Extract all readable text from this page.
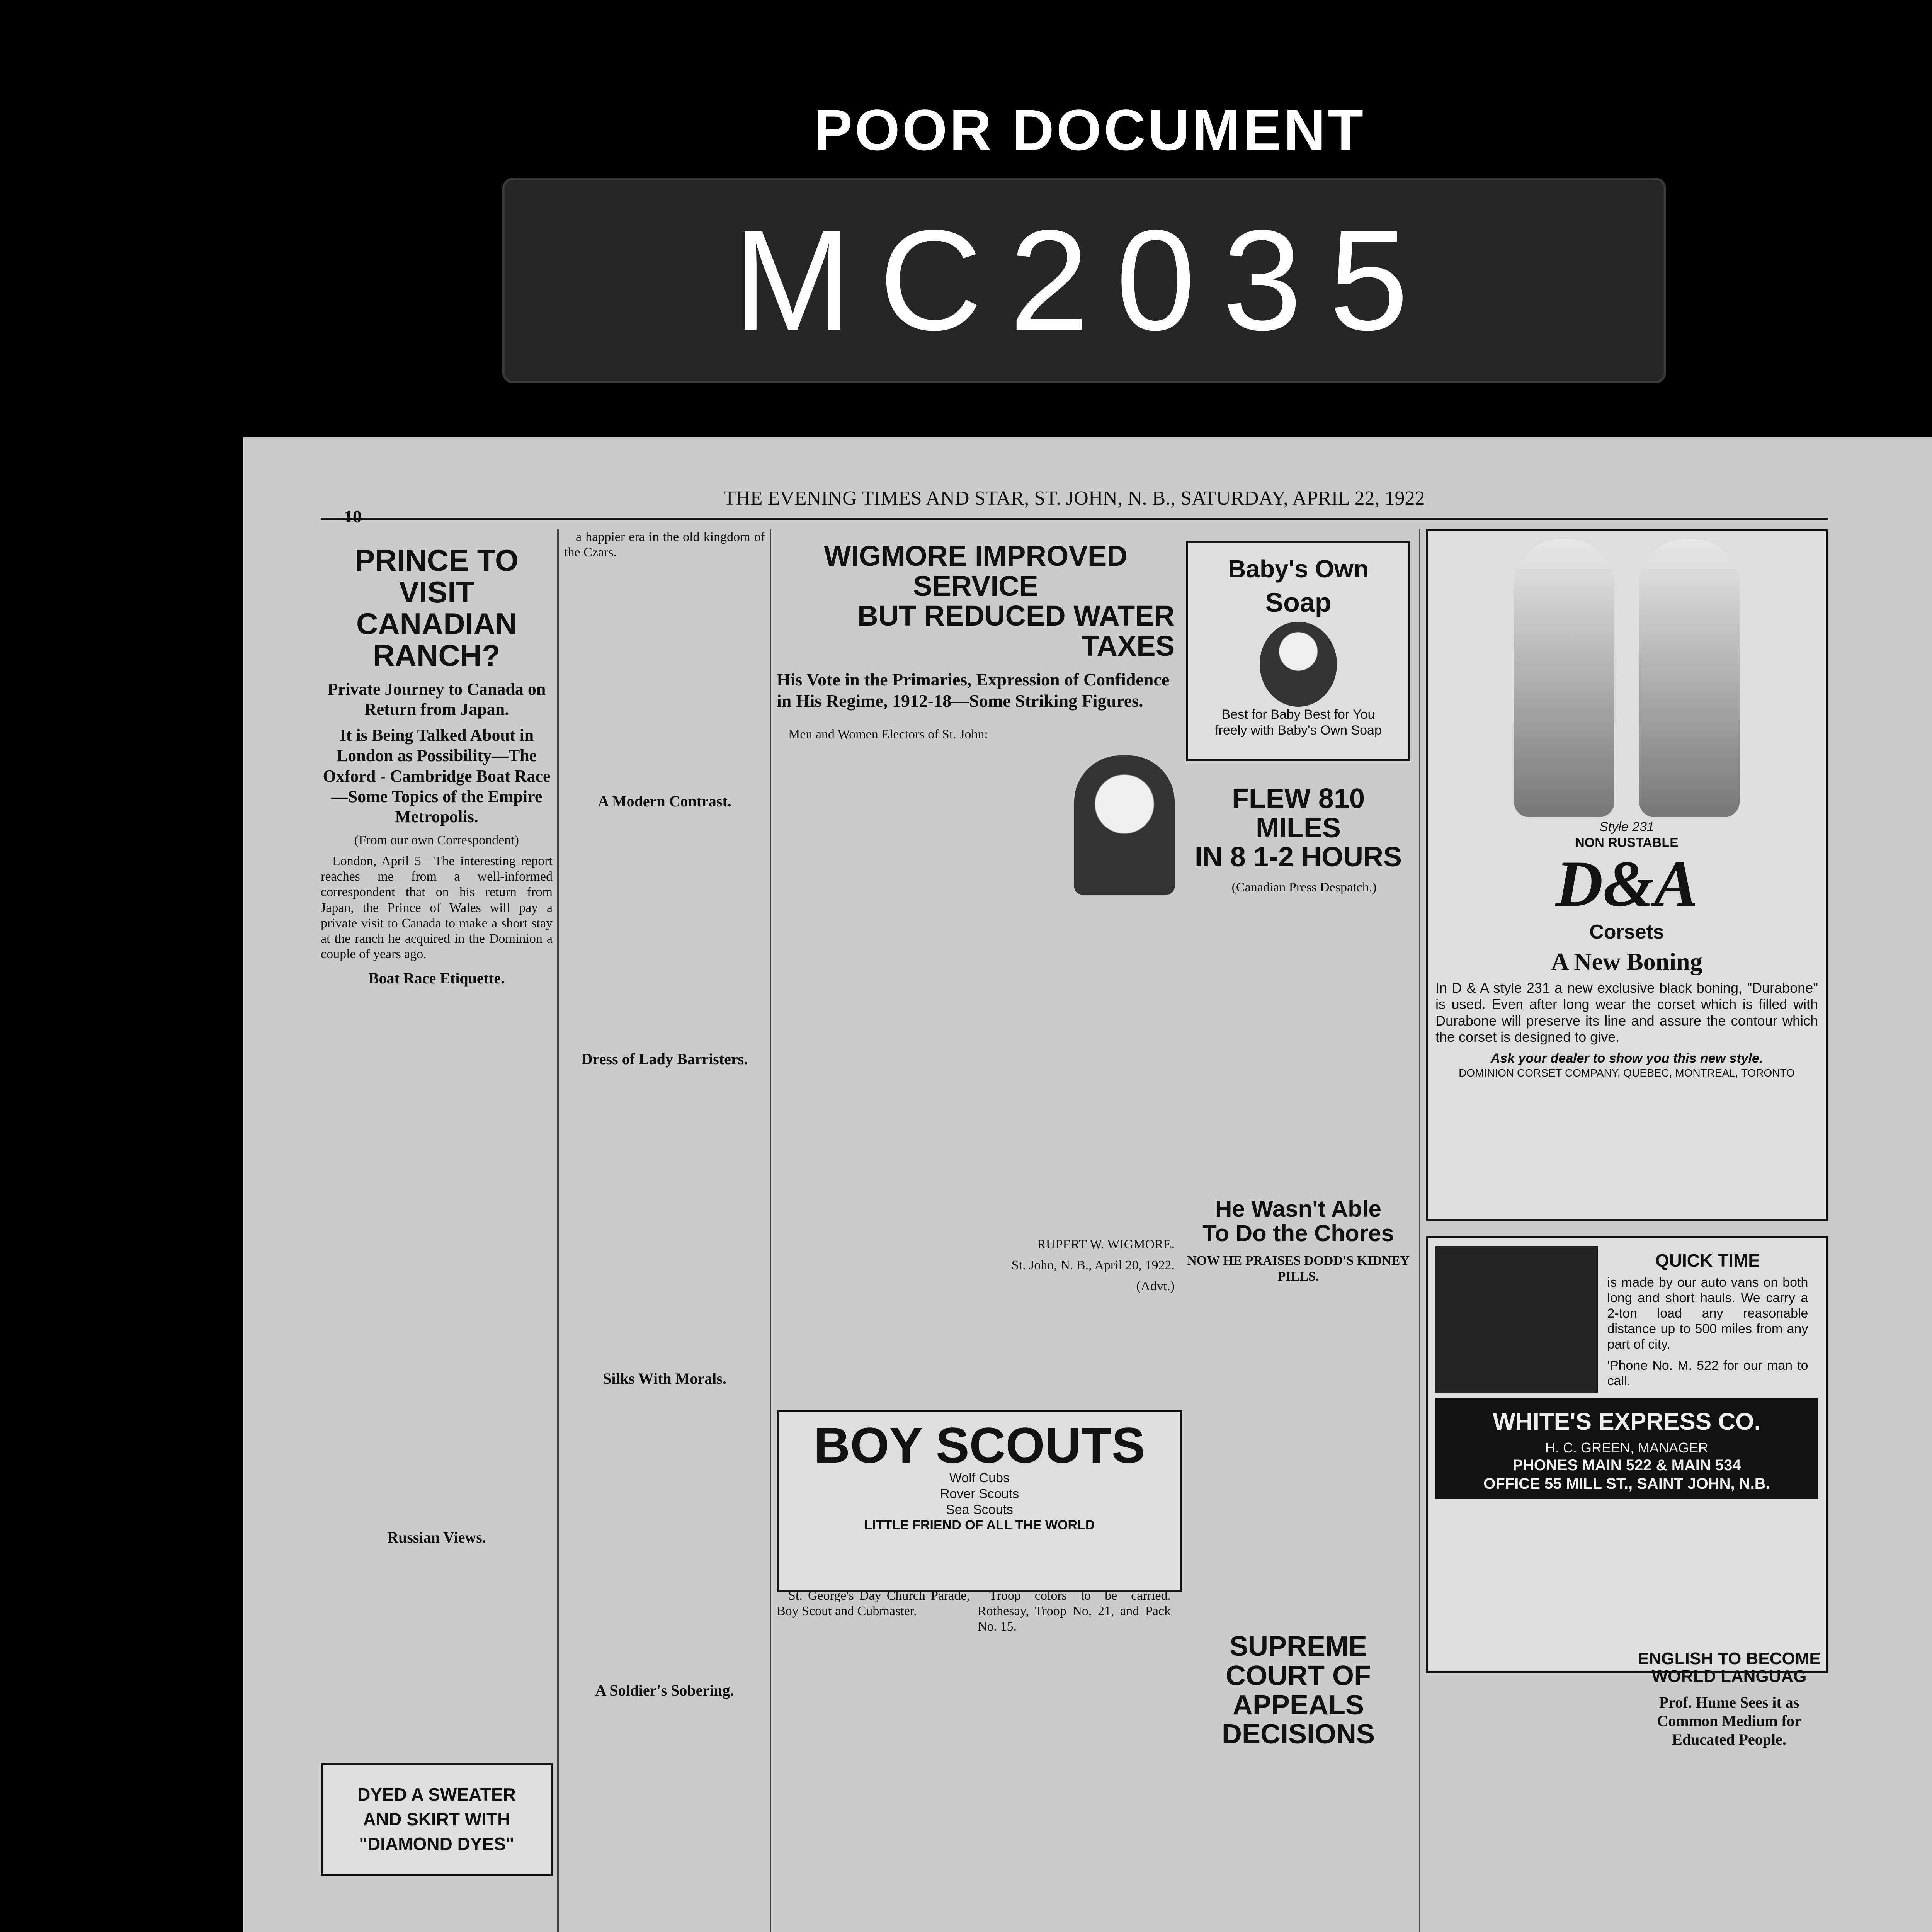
POOR DOCUMENT
MC2035
10
THE EVENING TIMES AND STAR, ST. JOHN, N. B., SATURDAY, APRIL 22, 1922
PRINCE TO VISIT
CANADIAN RANCH?
Private Journey to Canada on Return from Japan.
It is Being Talked About in London as Possibility—The Oxford - Cambridge Boat Race—Some Topics of the Empire Metropolis.

(From our own Correspondent)

London, April 5—The interesting report reaches me from a well-informed correspondent that on his return from Japan, the Prince of Wales will pay a private visit to Canada to make a short stay at the ranch he acquired in the Dominion a couple of years ago.

Boat Race Etiquette.
Russian Views.
DYED A SWEATER
AND SKIRT WITH
"DIAMOND DYES"

a happier era in the old kingdom of the Czars.

A Modern Contrast.
Dress of Lady Barristers.
Silks With Morals.
A Soldier's Sobering.
WIGMORE IMPROVED SERVICE
BUT REDUCED WATER TAXES
His Vote in the Primaries, Expression of Confidence in His Regime, 1912-18—Some Striking Figures.

Men and Women Electors of St. John:

RUPERT W. WIGMORE.

St. John, N. B., April 20, 1922.

(Advt.)

BOY SCOUTS
Wolf Cubs
Rover Scouts
Sea Scouts
LITTLE FRIEND OF ALL THE WORLD

St. George's Day Church Parade, Boy Scout and Cubmaster.

Troop colors to be carried. Rothesay, Troop No. 21, and Pack No. 15.

Baby's Own
Soap
Best for Baby Best for You
freely with Baby's Own Soap
FLEW 810 MILES
IN 8 1-2 HOURS

(Canadian Press Despatch.)

He Wasn't Able
To Do the Chores
NOW HE PRAISES DODD'S KIDNEY PILLS.
SUPREME COURT OF
APPEALS DECISIONS

Style 231
NON RUSTABLE
D&A
Corsets
A New Boning

In D & A style 231 a new exclusive black boning, "Durabone" is used. Even after long wear the corset which is filled with Durabone will preserve its line and assure the contour which the corset is designed to give.

Ask your dealer to show you this new style.
DOMINION CORSET COMPANY, QUEBEC, MONTREAL, TORONTO

QUICK TIME

is made by our auto vans on both long and short hauls. We carry a 2-ton load any reasonable distance up to 500 miles from any part of city.

'Phone No. M. 522 for our man to call.

WHITE'S EXPRESS CO.
H. C. GREEN, MANAGER
PHONES MAIN 522 & MAIN 534
OFFICE 55 MILL ST., SAINT JOHN, N.B.
ENGLISH TO BECOME
WORLD LANGUAG
Prof. Hume Sees it as Common Medium for Educated People.
